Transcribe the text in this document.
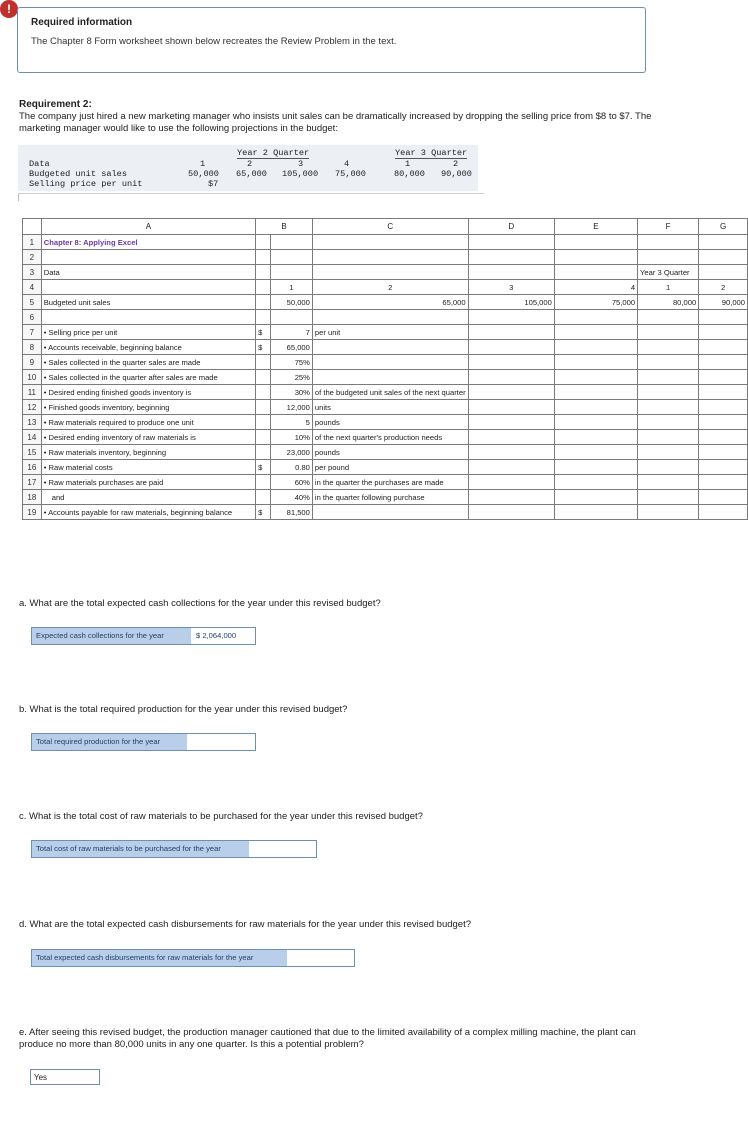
!
Required information
The Chapter 8 Form worksheet shown below recreates the Review Problem in the text.
Requirement 2:
The company just hired a new marketing manager who insists unit sales can be dramatically increased by dropping the selling price from $8 to $7. The marketing manager would like to use the following projections in the budget:
Year 2 Quarter	Year 3 Quarter
Data	1	2	3	4	1	2
Budgeted unit sales	50,000 65,000 105,000 75,000	80,000 90,000
Selling price per unit	$7
	A	B		C	D	E	F	G
1	Chapter 8: Applying Excel							
2								
3	Data						Year 3 Quarter	
4			1	2	3	4	1	2
5	Budgeted unit sales		50,000	65,000	105,000	75,000	80,000	90,000
6								
7	• Selling price per unit	$	7	per unit				
8	• Accounts receivable, beginning balance	$	65,000					
9	• Sales collected in the quarter sales are made		75%					
10	• Sales collected in the quarter after sales are made		25%					
11	• Desired ending finished goods inventory is		30%	of the budgeted unit sales of the next quarter				
12	• Finished goods inventory, beginning		12,000	units				
13	• Raw materials required to produce one unit		5	pounds				
14	• Desired ending inventory of raw materials is		10%	of the next quarter's production needs				
15	• Raw materials inventory, beginning		23,000	pounds				
16	• Raw material costs	$	0.80	per pound				
17	• Raw materials purchases are paid		60%	in the quarter the purchases are made				
18	and		40%	in the quarter following purchase				
19	• Accounts payable for raw materials, beginning balance	$	81,500					
a. What are the total expected cash collections for the year under this revised budget?
Expected cash collections for the year	$ 2,064,000
b. What is the total required production for the year under this revised budget?
Total required production for the year
c. What is the total cost of raw materials to be purchased for the year under this revised budget?
Total cost of raw materials to be purchased for the year
d. What are the total expected cash disbursements for raw materials for the year under this revised budget?
Total expected cash disbursements for raw materials for the year
e. After seeing this revised budget, the production manager cautioned that due to the limited availability of a complex milling machine, the plant can produce no more than 80,000 units in any one quarter. Is this a potential problem?
Yes
